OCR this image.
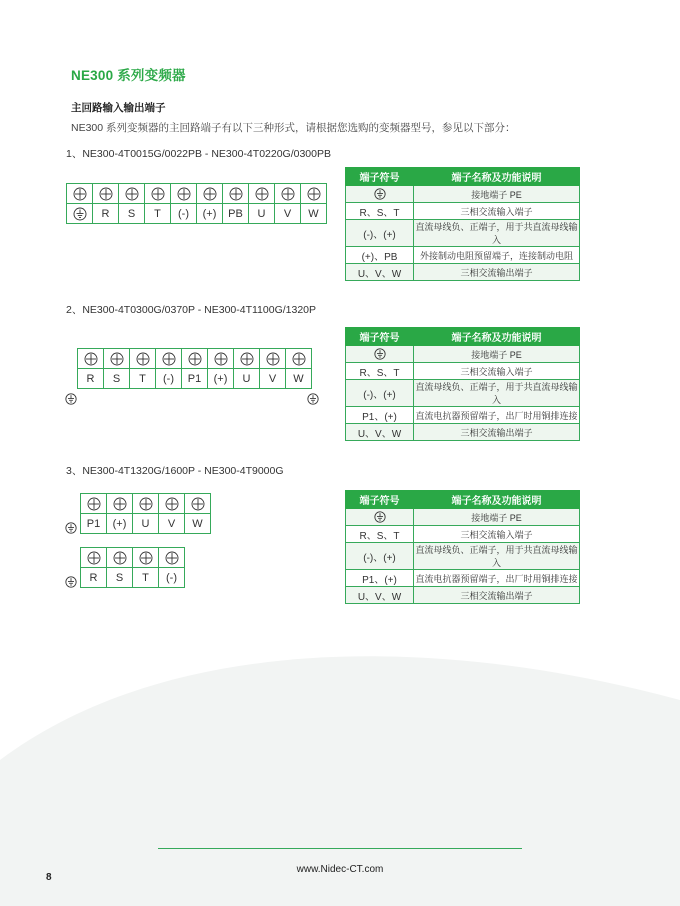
NE300 系列变频器
主回路输入输出端子
NE300 系列变频器的主回路端子有以下三种形式，请根据您选购的变频器型号，参见以下部分：
1、NE300-4T0015G/0022PB - NE300-4T0220G/0300PB

	R	S	T	(-)	(+)	PB	U	V	W
端子符号	端子名称及功能说明

	接地端子 PE
R、S、T	三相交流输入端子
(-)、(+)	直流母线负、正端子，用于共直流母线输入
(+)、PB	外接制动电阻预留端子，连接制动电阻
U、V、W	三相交流输出端子
2、NE300-4T0300G/0370P - NE300-4T1100G/1320P

R	S	T	(-)	P1	(+)	U	V	W
端子符号	端子名称及功能说明

	接地端子 PE
R、S、T	三相交流输入端子
(-)、(+)	直流母线负、正端子，用于共直流母线输入
P1、(+)	直流电抗器预留端子，出厂时用铜排连接
U、V、W	三相交流输出端子
3、NE300-4T1320G/1600P - NE300-4T9000G

P1	(+)	U	V	W

R	S	T	(-)
端子符号	端子名称及功能说明

	接地端子 PE
R、S、T	三相交流输入端子
(-)、(+)	直流母线负、正端子，用于共直流母线输入
P1、(+)	直流电抗器预留端子，出厂时用铜排连接
U、V、W	三相交流输出端子
www.Nidec-CT.com
8
